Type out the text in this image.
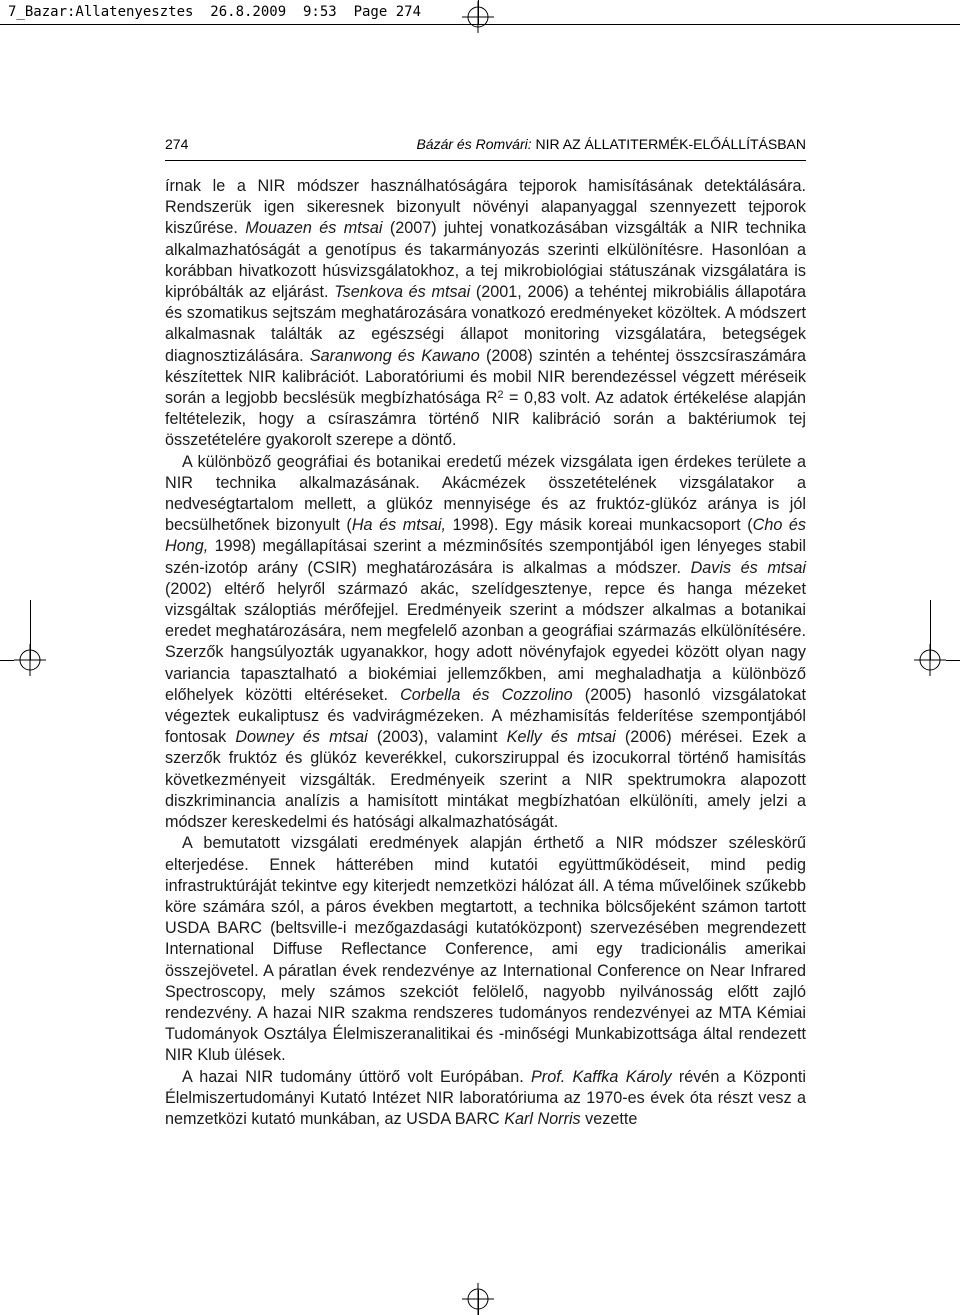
7_Bazar:Allatenyesztes  26.8.2009  9:53  Page 274
274	Bázár és Romvári: NIR AZ ÁLLATITERMÉK-ELŐÁLLÍTÁSBAN

írnak le a NIR módszer használhatóságára tejporok hamisításának detektálására. Rendszerük igen sikeresnek bizonyult növényi alapanyaggal szennyezett tejporok kiszűrése. Mouazen és mtsai (2007) juhtej vonatkozásában vizsgálták a NIR technika alkalmazhatóságát a genotípus és takarmányozás szerinti elkülönítésre. Hasonlóan a korábban hivatkozott húsvizsgálatokhoz, a tej mikrobiológiai státuszának vizsgálatára is kipróbálták az eljárást. Tsenkova és mtsai (2001, 2006) a tehéntej mikrobiális állapotára és szomatikus sejtszám meghatározására vonatkozó eredményeket közöltek. A módszert alkalmasnak találták az egészségi állapot monitoring vizsgálatára, betegségek diagnosztizálására. Saranwong és Kawano (2008) szintén a tehéntej összcsíraszámára készítettek NIR kalibrációt. Laboratóriumi és mobil NIR berendezéssel végzett méréseik során a legjobb becslésük megbízhatósága $R^2 = 0,83$ volt. Az adatok értékelése alapján feltételezik, hogy a csíraszámra történő NIR kalibráció során a baktériumok tej összetételére gyakorolt szerepe a döntő.

A különböző geográfiai és botanikai eredetű mézek vizsgálata igen érdekes területe a NIR technika alkalmazásának. Akácmézek összetételének vizsgálatakor a nedveségtartalom mellett, a glükóz mennyisége és az fruktóz-glükóz aránya is jól becsülhetőnek bizonyult (Ha és mtsai, 1998). Egy másik koreai munkacsoport (Cho és Hong, 1998) megállapításai szerint a mézminősítés szempontjából igen lényeges stabil szén-izotóp arány (CSIR) meghatározására is alkalmas a módszer. Davis és mtsai (2002) eltérő helyről származó akác, szelídgesztenye, repce és hanga mézeket vizsgáltak száloptiás mérőfejjel. Eredményeik szerint a módszer alkalmas a botanikai eredet meghatározására, nem megfelelő azonban a geográfiai származás elkülönítésére. Szerzők hangsúlyozták ugyanakkor, hogy adott növényfajok egyedei között olyan nagy variancia tapasztalható a biokémiai jellemzőkben, ami meghaladhatja a különböző előhelyek közötti eltéréseket. Corbella és Cozzolino (2005) hasonló vizsgálatokat végeztek eukaliptusz és vadvirágmézeken. A mézhamisítás felderítése szempontjából fontosak Downey és mtsai (2003), valamint Kelly és mtsai (2006) mérései. Ezek a szerzők fruktóz és glükóz keverékkel, cukorsziruppal és izocukorral történő hamisítás következményeit vizsgálták. Eredményeik szerint a NIR spektrumokra alapozott diszkriminancia analízis a hamisított mintákat megbízhatóan elkülöníti, amely jelzi a módszer kereskedelmi és hatósági alkalmazhatóságát.

A bemutatott vizsgálati eredmények alapján érthető a NIR módszer széleskörű elterjedése. Ennek hátterében mind kutatói együttműködéseit, mind pedig infrastruktúráját tekintve egy kiterjedt nemzetközi hálózat áll. A téma művelőinek szűkebb köre számára szól, a páros években megtartott, a technika bölcsőjeként számon tartott USDA BARC (beltsville-i mezőgazdasági kutatóközpont) szervezésében megrendezett International Diffuse Reflectance Conference, ami egy tradicionális amerikai összejövetel. A páratlan évek rendezvénye az International Conference on Near Infrared Spectroscopy, mely számos szekciót felölelő, nagyobb nyilvánosság előtt zajló rendezvény. A hazai NIR szakma rendszeres tudományos rendezvényei az MTA Kémiai Tudományok Osztálya Élelmiszeranalitikai és -minőségi Munkabizottsága által rendezett NIR Klub ülések.

A hazai NIR tudomány úttörő volt Európában. Prof. Kaffka Károly révén a Központi Élelmiszertudományi Kutató Intézet NIR laboratóriuma az 1970-es évek óta részt vesz a nemzetközi kutató munkában, az USDA BARC Karl Norris vezette
